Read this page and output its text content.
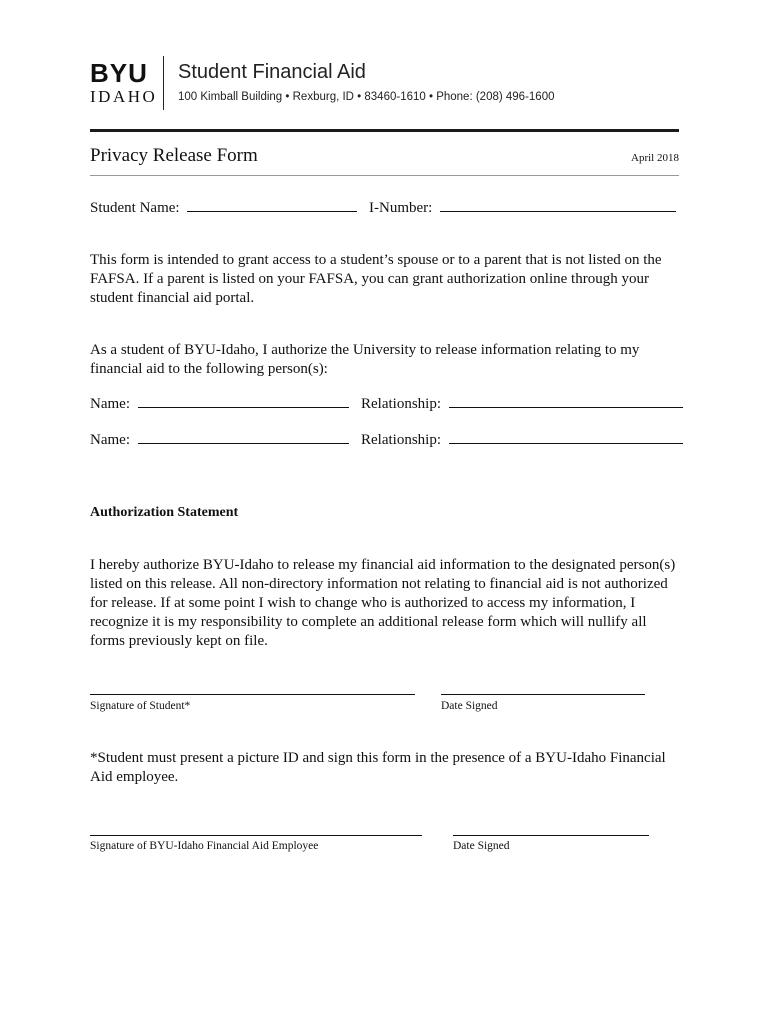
BYU
IDAHO
Student Financial Aid
100 Kimball Building • Rexburg, ID • 83460-1610 • Phone: (208) 496-1600
Privacy Release Form	April 2018
Student Name:	I-Number:
This form is intended to grant access to a student’s spouse or to a parent that is not listed on the FAFSA. If a parent is listed on your FAFSA, you can grant authorization online through your student financial aid portal.
As a student of BYU-Idaho, I authorize the University to release information relating to my financial aid to the following person(s):
Name:	Relationship:
Name:	Relationship:
Authorization Statement
I hereby authorize BYU-Idaho to release my financial aid information to the designated person(s) listed on this release. All non-directory information not relating to financial aid is not authorized for release. If at some point I wish to change who is authorized to access my information, I recognize it is my responsibility to complete an additional release form which will nullify all forms previously kept on file.
Signature of Student*	Date Signed
*Student must present a picture ID and sign this form in the presence of a BYU-Idaho Financial Aid employee.
Signature of BYU-Idaho Financial Aid Employee	Date Signed
